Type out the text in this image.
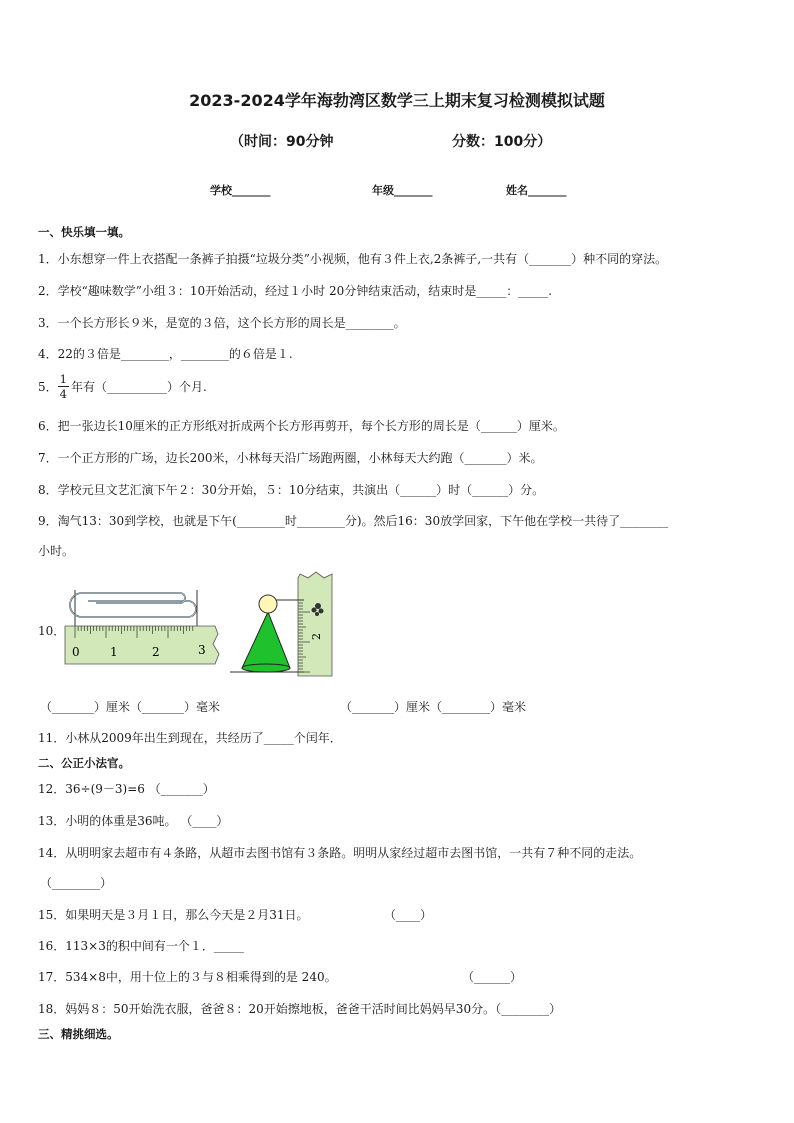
2023-2024学年海勃湾区数学三上期末复习检测模拟试题
（时间：90分钟	分数：100分）
学校_______	年级_______	姓名_______
一、快乐填一填。
1．小东想穿一件上衣搭配一条裤子拍摄“垃圾分类”小视频，他有３件上衣,2条裤子,一共有（_______）种不同的穿法。
2．学校“趣味数学”小组３：10开始活动，经过１小时 20分钟结束活动，结束时是_____：_____.
3．一个长方形长９米，是宽的３倍，这个长方形的周长是________。
4．22的３倍是________，________的６倍是１.
5． $\frac{1}{4}$ 年有（__________）个月.
6．把一张边长10厘米的正方形纸对折成两个长方形再剪开，每个长方形的周长是（______）厘米。
7．一个正方形的广场，边长200米，小林每天沿广场跑两圈，小林每天大约跑（_______）米。
8．学校元旦文艺汇演下午２：30分开始，５：10分结束，共演出（______）时（______）分。
9．淘气13：30到学校，也就是下午(________时________分)。然后16：30放学回家，下午他在学校一共待了________
小时。
10．
0	1	2	3
2
（_______）厘米（_______）毫米	（_______）厘米（________）毫米
11．小林从2009年出生到现在，共经历了_____个闰年．
二、公正小法官。
12．36÷(9－3)=6 （_______）
13．小明的体重是36吨。 （____）
14．从明明家去超市有４条路，从超市去图书馆有３条路。明明从家经过超市去图书馆，一共有７种不同的走法。
（________）
15．如果明天是３月１日，那么今天是２月31日。	（____）
16．113×3的积中间有一个１．_____
17．534×8中，用十位上的３与８相乘得到的是 240。	（______）
18．妈妈８：50开始洗衣服，爸爸８：20开始擦地板，爸爸干活时间比妈妈早30分。（________）
三、精挑细选。
